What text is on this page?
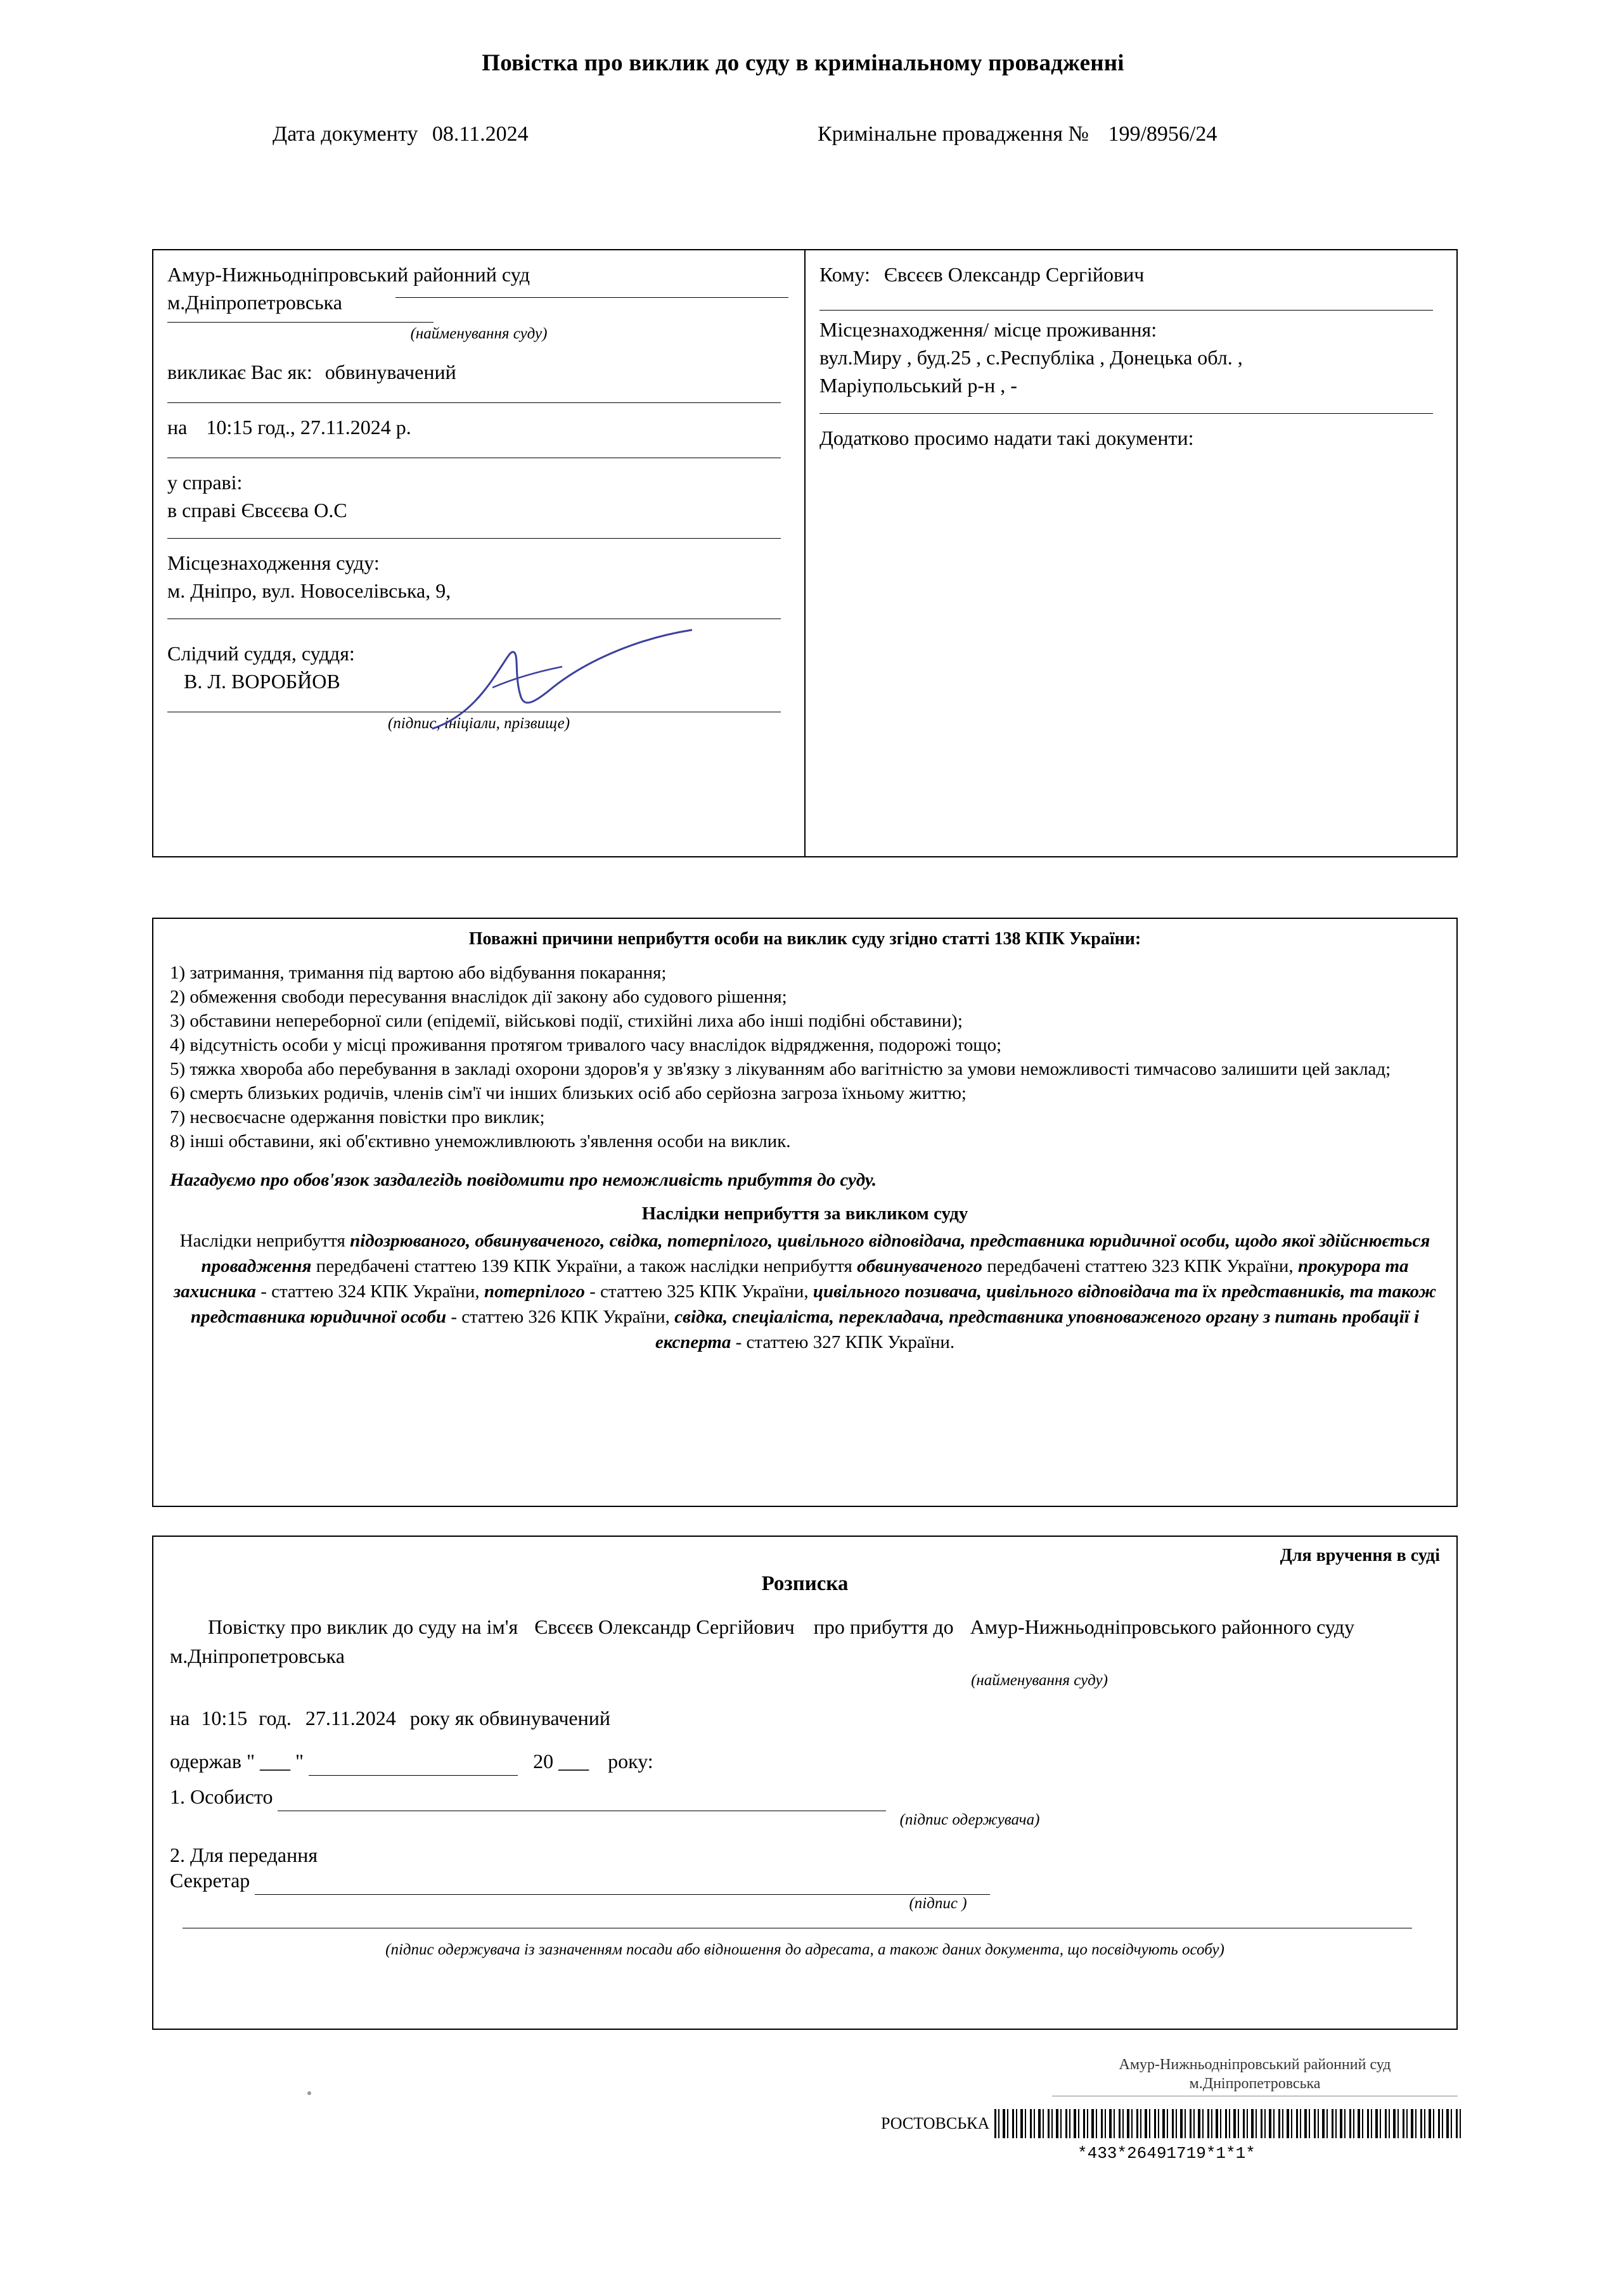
Повістка про виклик до суду в кримінальному провадженні
Дата документу 08.11.2024	Кримінальне провадження № 199/8956/24
Амур-Нижньодніпровський районний суд
м.Дніпропетровська
(найменування суду)
викликає Вас як: обвинувачений
на 10:15 год., 27.11.2024 р.
у справі:
в справі Євсєєва О.С
Місцезнаходження суду:
м. Дніпро, вул. Новоселівська, 9,
Слідчий суддя, суддя:
В. Л. ВОРОБЙОВ
(підпис, ініціали, прізвище)
Кому: Євсєєв Олександр Сергійович
Місцезнаходження/ місце проживання:
вул.Миру , буд.25 , с.Республіка , Донецька обл. ,
Маріупольський р-н , -
Додатково просимо надати такі документи:
Поважні причини неприбуття особи на виклик суду згідно статті 138 КПК України:

1) затримання, тримання під вартою або відбування покарання;

2) обмеження свободи пересування внаслідок дії закону або судового рішення;

3) обставини непереборної сили (епідемії, військові події, стихійні лиха або інші подібні обставини);

4) відсутність особи у місці проживання протягом тривалого часу внаслідок відрядження, подорожі тощо;

5) тяжка хвороба або перебування в закладі охорони здоров'я у зв'язку з лікуванням або вагітністю за умови неможливості тимчасово залишити цей заклад;

6) смерть близьких родичів, членів сім'ї чи інших близьких осіб або серйозна загроза їхньому життю;

7) несвоєчасне одержання повістки про виклик;

8) інші обставини, які об'єктивно унеможливлюють з'явлення особи на виклик.

Нагадуємо про обов'язок заздалегідь повідомити про неможливість прибуття до суду.
Наслідки неприбуття за викликом суду
Наслідки неприбуття підозрюваного, обвинуваченого, свідка, потерпілого, цивільного відповідача, представника юридичної особи, щодо якої здійснюється провадження передбачені статтею 139 КПК України, а також наслідки неприбуття обвинуваченого передбачені статтею 323 КПК України, прокурора та захисника - статтею 324 КПК України, потерпілого - статтею 325 КПК України, цивільного позивача, цивільного відповідача та їх представників, та також представника юридичної особи - статтею 326 КПК України, свідка, спеціаліста, перекладача, представника уповноваженого органу з питань пробації і експерта - статтею 327 КПК України.
Для вручення в суді
Розписка
Повістку про виклик до суду на ім'я Євсєєв Олександр Сергійович про прибуття до Амур-Нижньодніпровського районного суду м.Дніпропетровська
(найменування суду)
на 10:15 год. 27.11.2024 року як обвинувачений
одержав " ___ "	20 ___ року:
1. Особисто
(підпис одержувача)
2. Для передання
Секретар
(підпис )
(підпис одержувача із зазначенням посади або відношення до адресата, а також даних документа, що посвідчують особу)
Амур-Нижньодніпровський районний суд
м.Дніпропетровська
РОСТОВСЬКА
*433*26491719*1*1*
